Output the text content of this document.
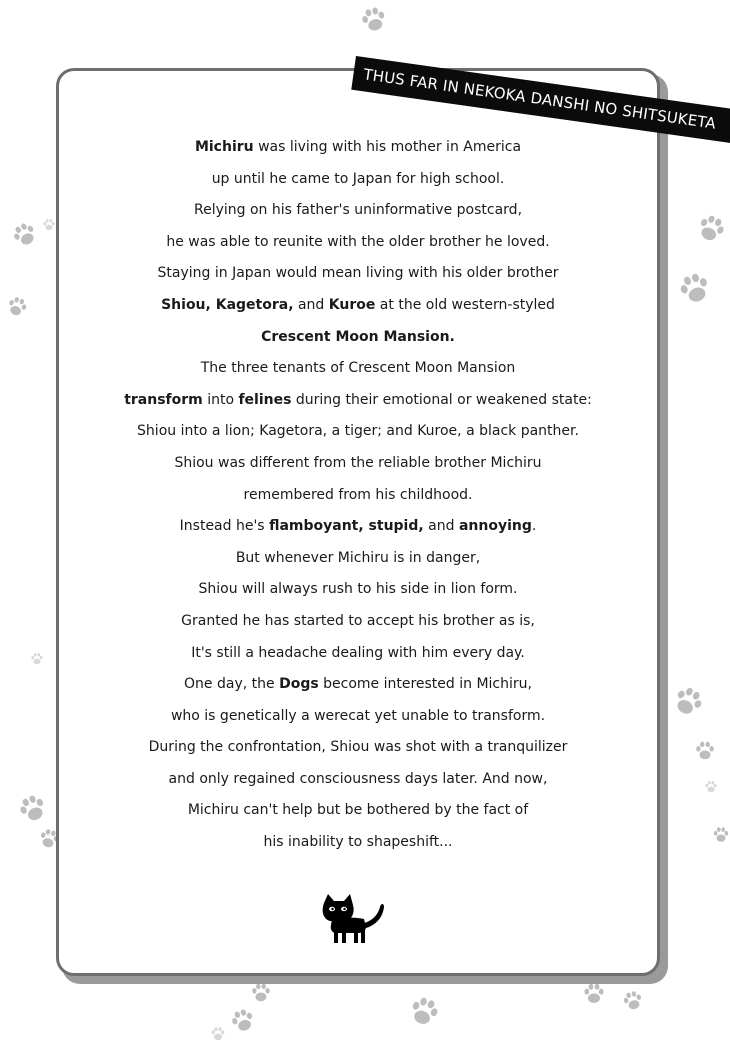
THUS FAR IN NEKOKA DANSHI NO SHITSUKETA
Michiru was living with his mother in America
up until he came to Japan for high school.
Relying on his father's uninformative postcard,
he was able to reunite with the older brother he loved.
Staying in Japan would mean living with his older brother
Shiou, Kagetora, and Kuroe at the old western-styled
Crescent Moon Mansion.
The three tenants of Crescent Moon Mansion
transform into felines during their emotional or weakened state:
Shiou into a lion; Kagetora, a tiger; and Kuroe, a black panther.
Shiou was different from the reliable brother Michiru
remembered from his childhood.
Instead he's flamboyant, stupid, and annoying.
But whenever Michiru is in danger,
Shiou will always rush to his side in lion form.
Granted he has started to accept his brother as is,
It's still a headache dealing with him every day.
One day, the Dogs become interested in Michiru,
who is genetically a werecat yet unable to transform.
During the confrontation, Shiou was shot with a tranquilizer
and only regained consciousness days later. And now,
Michiru can't help but be bothered by the fact of
his inability to shapeshift...
